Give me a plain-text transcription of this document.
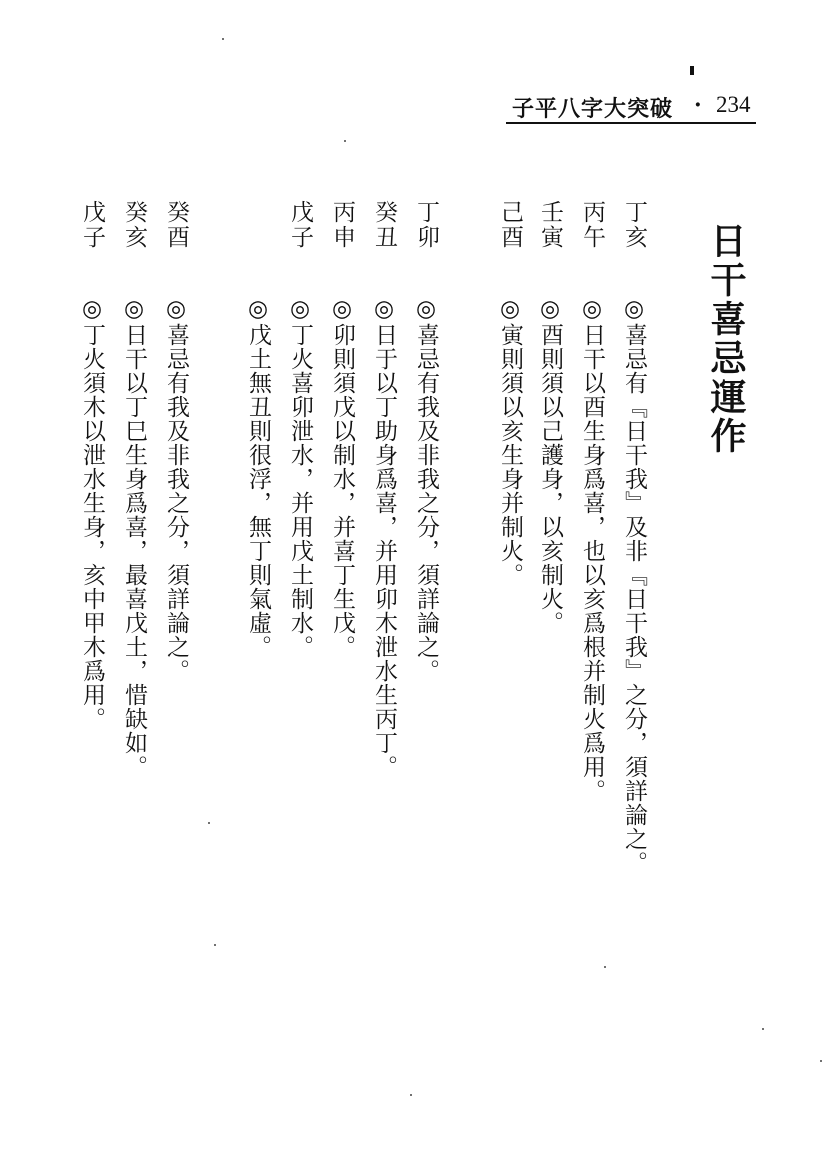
子平八字大突破 · 234
日干喜忌運作
丁亥
◎喜忌有『日干我』及非『日干我』之分，須詳論之。
丙午
◎日干以酉生身爲喜，也以亥爲根并制火爲用。
壬寅
◎酉則須以己護身，以亥制火。
己酉
◎寅則須以亥生身并制火。
丁卯
◎喜忌有我及非我之分，須詳論之。
癸丑
◎日于以丁助身爲喜，并用卯木泄水生丙丁。
丙申
◎卯則須戊以制水，并喜丁生戊。
戊子
◎丁火喜卯泄水，并用戊土制水。
◎戊土無丑則很浮，無丁則氣虛。
癸酉
◎喜忌有我及非我之分，須詳論之。
癸亥
◎日干以丁巳生身爲喜，最喜戊土，惜缺如。
戊子
◎丁火須木以泄水生身，亥中甲木爲用。
